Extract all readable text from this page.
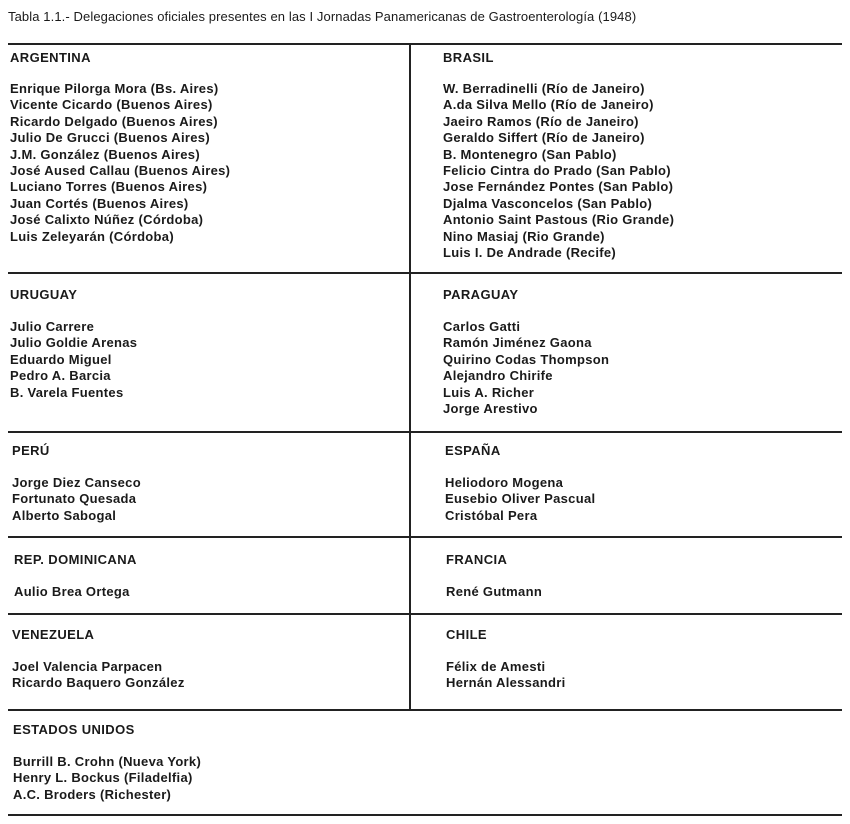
Tabla 1.1.- Delegaciones oficiales presentes en las I Jornadas Panamericanas de Gastroenterología (1948)
ARGENTINA
Enrique Pilorga Mora (Bs. Aires)
Vicente Cicardo (Buenos Aires)
Ricardo Delgado (Buenos Aires)
Julio De Grucci (Buenos Aires)
J.M. González (Buenos Aires)
José Aused Callau (Buenos Aires)
Luciano Torres (Buenos Aires)
Juan Cortés (Buenos Aires)
José Calixto Núñez (Córdoba)
Luis Zeleyarán (Córdoba)
BRASIL
W. Berradinelli (Río de Janeiro)
A.da Silva Mello (Río de Janeiro)
Jaeiro Ramos (Río de Janeiro)
Geraldo Siffert (Río de Janeiro)
B. Montenegro (San Pablo)
Felicio Cintra do Prado (San Pablo)
Jose Fernández Pontes (San Pablo)
Djalma Vasconcelos (San Pablo)
Antonio Saint Pastous (Rio Grande)
Nino Masiaj (Rio Grande)
Luis I. De Andrade (Recife)
URUGUAY
Julio Carrere
Julio Goldie Arenas
Eduardo Miguel
Pedro A. Barcia
B. Varela Fuentes
PARAGUAY
Carlos Gatti
Ramón Jiménez Gaona
Quirino Codas Thompson
Alejandro Chirife
Luis A. Richer
Jorge Arestivo
PERÚ
Jorge Diez Canseco
Fortunato Quesada
Alberto Sabogal
ESPAÑA
Heliodoro Mogena
Eusebio Oliver Pascual
Cristóbal Pera
REP. DOMINICANA
Aulio Brea Ortega
FRANCIA
René Gutmann
VENEZUELA
Joel Valencia Parpacen
Ricardo Baquero González
CHILE
Félix de Amesti
Hernán Alessandri
ESTADOS UNIDOS
Burrill B. Crohn (Nueva York)
Henry L. Bockus (Filadelfia)
A.C. Broders (Richester)
